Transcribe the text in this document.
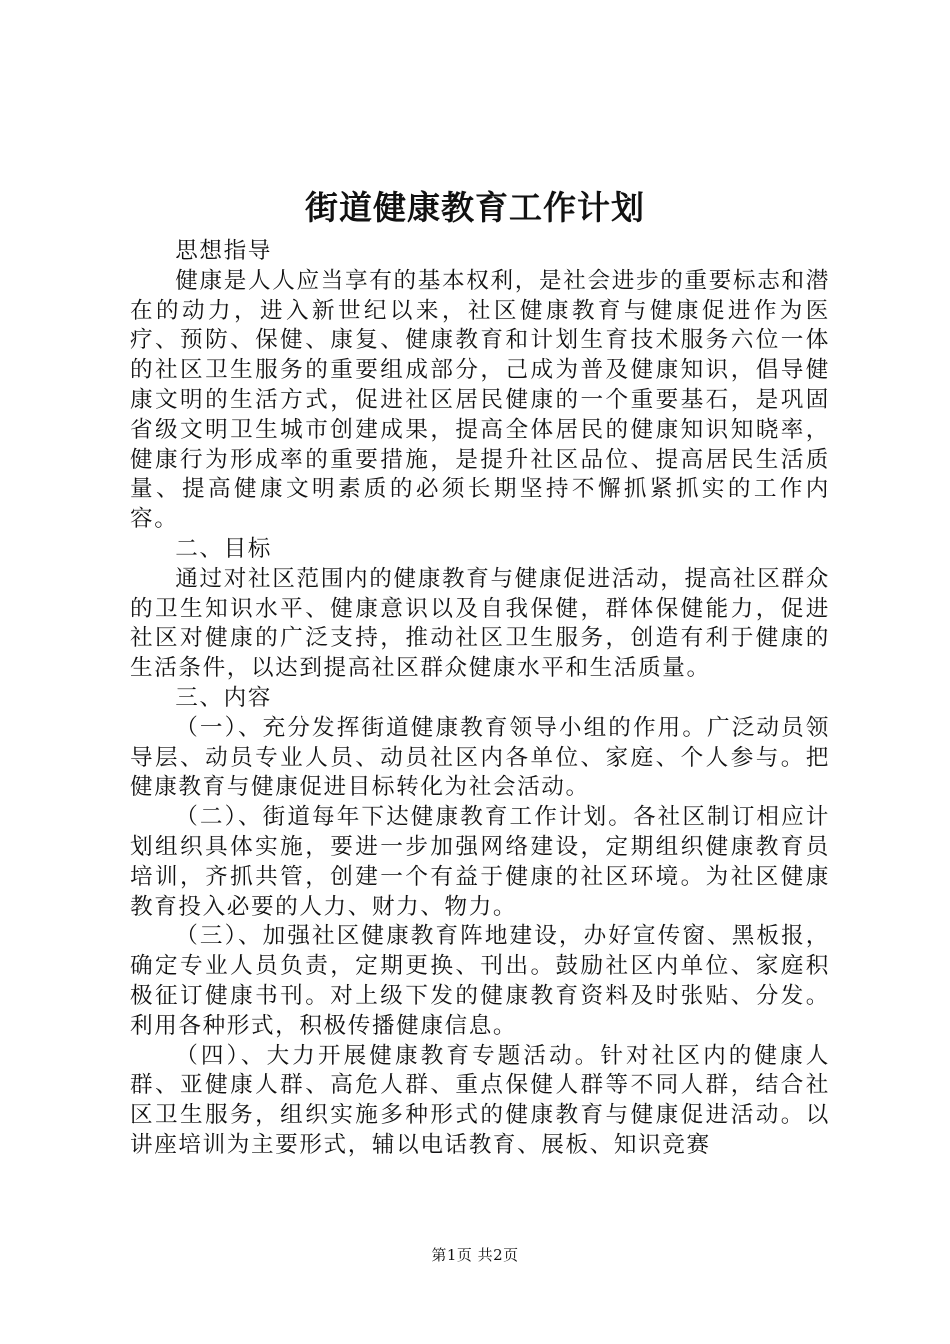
街道健康教育工作计划

思想指导

健康是人人应当享有的基本权利，是社会进步的重要标志和潜在的动力，进入新世纪以来，社区健康教育与健康促进作为医疗、预防、保健、康复、健康教育和计划生育技术服务六位一体的社区卫生服务的重要组成部分，己成为普及健康知识，倡导健康文明的生活方式，促进社区居民健康的一个重要基石，是巩固省级文明卫生城市创建成果，提高全体居民的健康知识知晓率，健康行为形成率的重要措施，是提升社区品位、提高居民生活质量、提高健康文明素质的必须长期坚持不懈抓紧抓实的工作内容。

二、目标

通过对社区范围内的健康教育与健康促进活动，提高社区群众的卫生知识水平、健康意识以及自我保健，群体保健能力，促进社区对健康的广泛支持，推动社区卫生服务，创造有利于健康的生活条件，以达到提高社区群众健康水平和生活质量。

三、内容

（一）、充分发挥街道健康教育领导小组的作用。广泛动员领导层、动员专业人员、动员社区内各单位、家庭、个人参与。把健康教育与健康促进目标转化为社会活动。

（二）、街道每年下达健康教育工作计划。各社区制订相应计划组织具体实施，要进一步加强网络建设，定期组织健康教育员培训，齐抓共管，创建一个有益于健康的社区环境。为社区健康教育投入必要的人力、财力、物力。

（三）、加强社区健康教育阵地建设，办好宣传窗、黑板报，确定专业人员负责，定期更换、刊出。鼓励社区内单位、家庭积极征订健康书刊。对上级下发的健康教育资料及时张贴、分发。利用各种形式，积极传播健康信息。

（四）、大力开展健康教育专题活动。针对社区内的健康人群、亚健康人群、高危人群、重点保健人群等不同人群，结合社区卫生服务，组织实施多种形式的健康教育与健康促进活动。以讲座培训为主要形式，辅以电话教育、展板、知识竞赛

第1页 共2页
